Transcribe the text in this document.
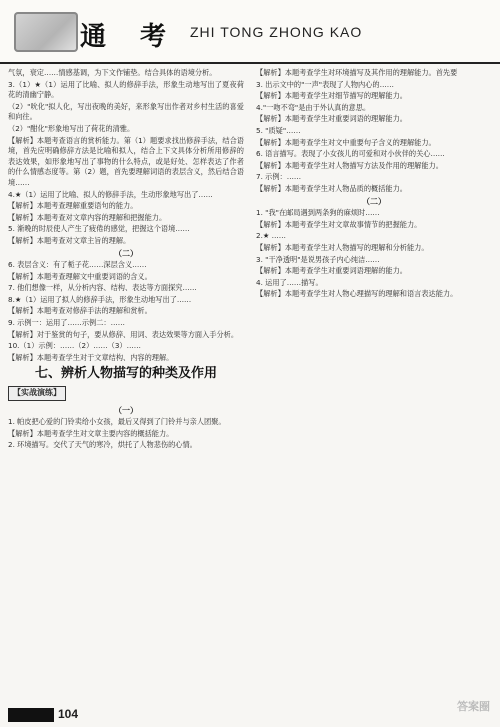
通 考 ZHI TONG ZHONG KAO

气氛，衰定……情感基调，为下文作铺垫。结合具体的语境分析。

3.（1）★（1）运用了比喻、拟人的修辞手法，形象生动地写出了夏夜荷花的清幽宁静。

（2）"吮化"拟人化，写出夜晚的美好，来形象写出作者对乡村生活的喜爱和向往。

（2）"酣化"形象地写出了荷花的清雅。

【解析】本题考查语言的赏析能力。第（1）题要求找出修辞手法，结合语境，首先应明确修辞方法是比喻和拟人，结合上下文具体分析所用修辞的表达效果，如形象地写出了事物的什么特点，或是好处、怎样表达了作者的什么情感态度等。第（2）题，首先要理解词语的表层含义，然后结合语境……

4.★（1）运用了比喻、拟人的修辞手法，生动形象地写出了……

【解析】本题考查理解重要语句的能力。

【解析】本题考查对文章内容的理解和把握能力。

5. 渐晚的时辰使人产生了疲倦的感觉，把握这个语境……

【解析】本题考查对文章主旨的理解。

（二）

6. 表层含义：有了栀子花……深层含义……

【解析】本题考查理解文中重要词语的含义。

7. 他们想像一样，从分析内容、结构、表达等方面探究……

8.★（1）运用了拟人的修辞手法，形象生动地写出了……

【解析】本题考查对修辞手法的理解和赏析。

9. 示例一：运用了……示例二：……

【解析】对于鉴赏的句子，要从修辞、用词、表达效果等方面入手分析。

10.（1）示例：……（2）……（3）……

【解析】本题考查学生对于文章结构、内容的理解。

七、辨析人物描写的种类及作用
【实战演练】
（一）

1. 帕皮把心爱的门铃卖给小女孩，最后又得到了门铃并与亲人团聚。

【解析】本题考查学生对文章主要内容的概括能力。

2. 环境描写。交代了天气的寒冷，烘托了人物悲伤的心情。

【解析】本题考查学生对环境描写及其作用的理解能力。首先要

3. 出示文中的"一声"表现了人物内心的……

【解析】本题考查学生对细节描写的理解能力。

4."一吻不弯"是由于外认真的意思。

【解析】本题考查学生对重要词语的理解能力。

5. "质疑"……

【解析】本题考查学生对文中重要句子含义的理解能力。

6. 语言描写。表现了小女孩儿的可爱和对小伙伴的关心……

【解析】本题考查学生对人物描写方法及作用的理解能力。

7. 示例：……

【解析】本题考查学生对人物品质的概括能力。

（二）

1. "我"在邮局遇到两条狗的麻烦时……

【解析】本题考查学生对文章故事情节的把握能力。

2.★ ……

【解析】本题考查学生对人物描写的理解和分析能力。

3. "干净透明"是说男孩子内心纯洁……

【解析】本题考查学生对重要词语理解的能力。

4. 运用了……描写。

【解析】本题考查学生对人物心理描写的理解和语言表达能力。

104	答案圈
